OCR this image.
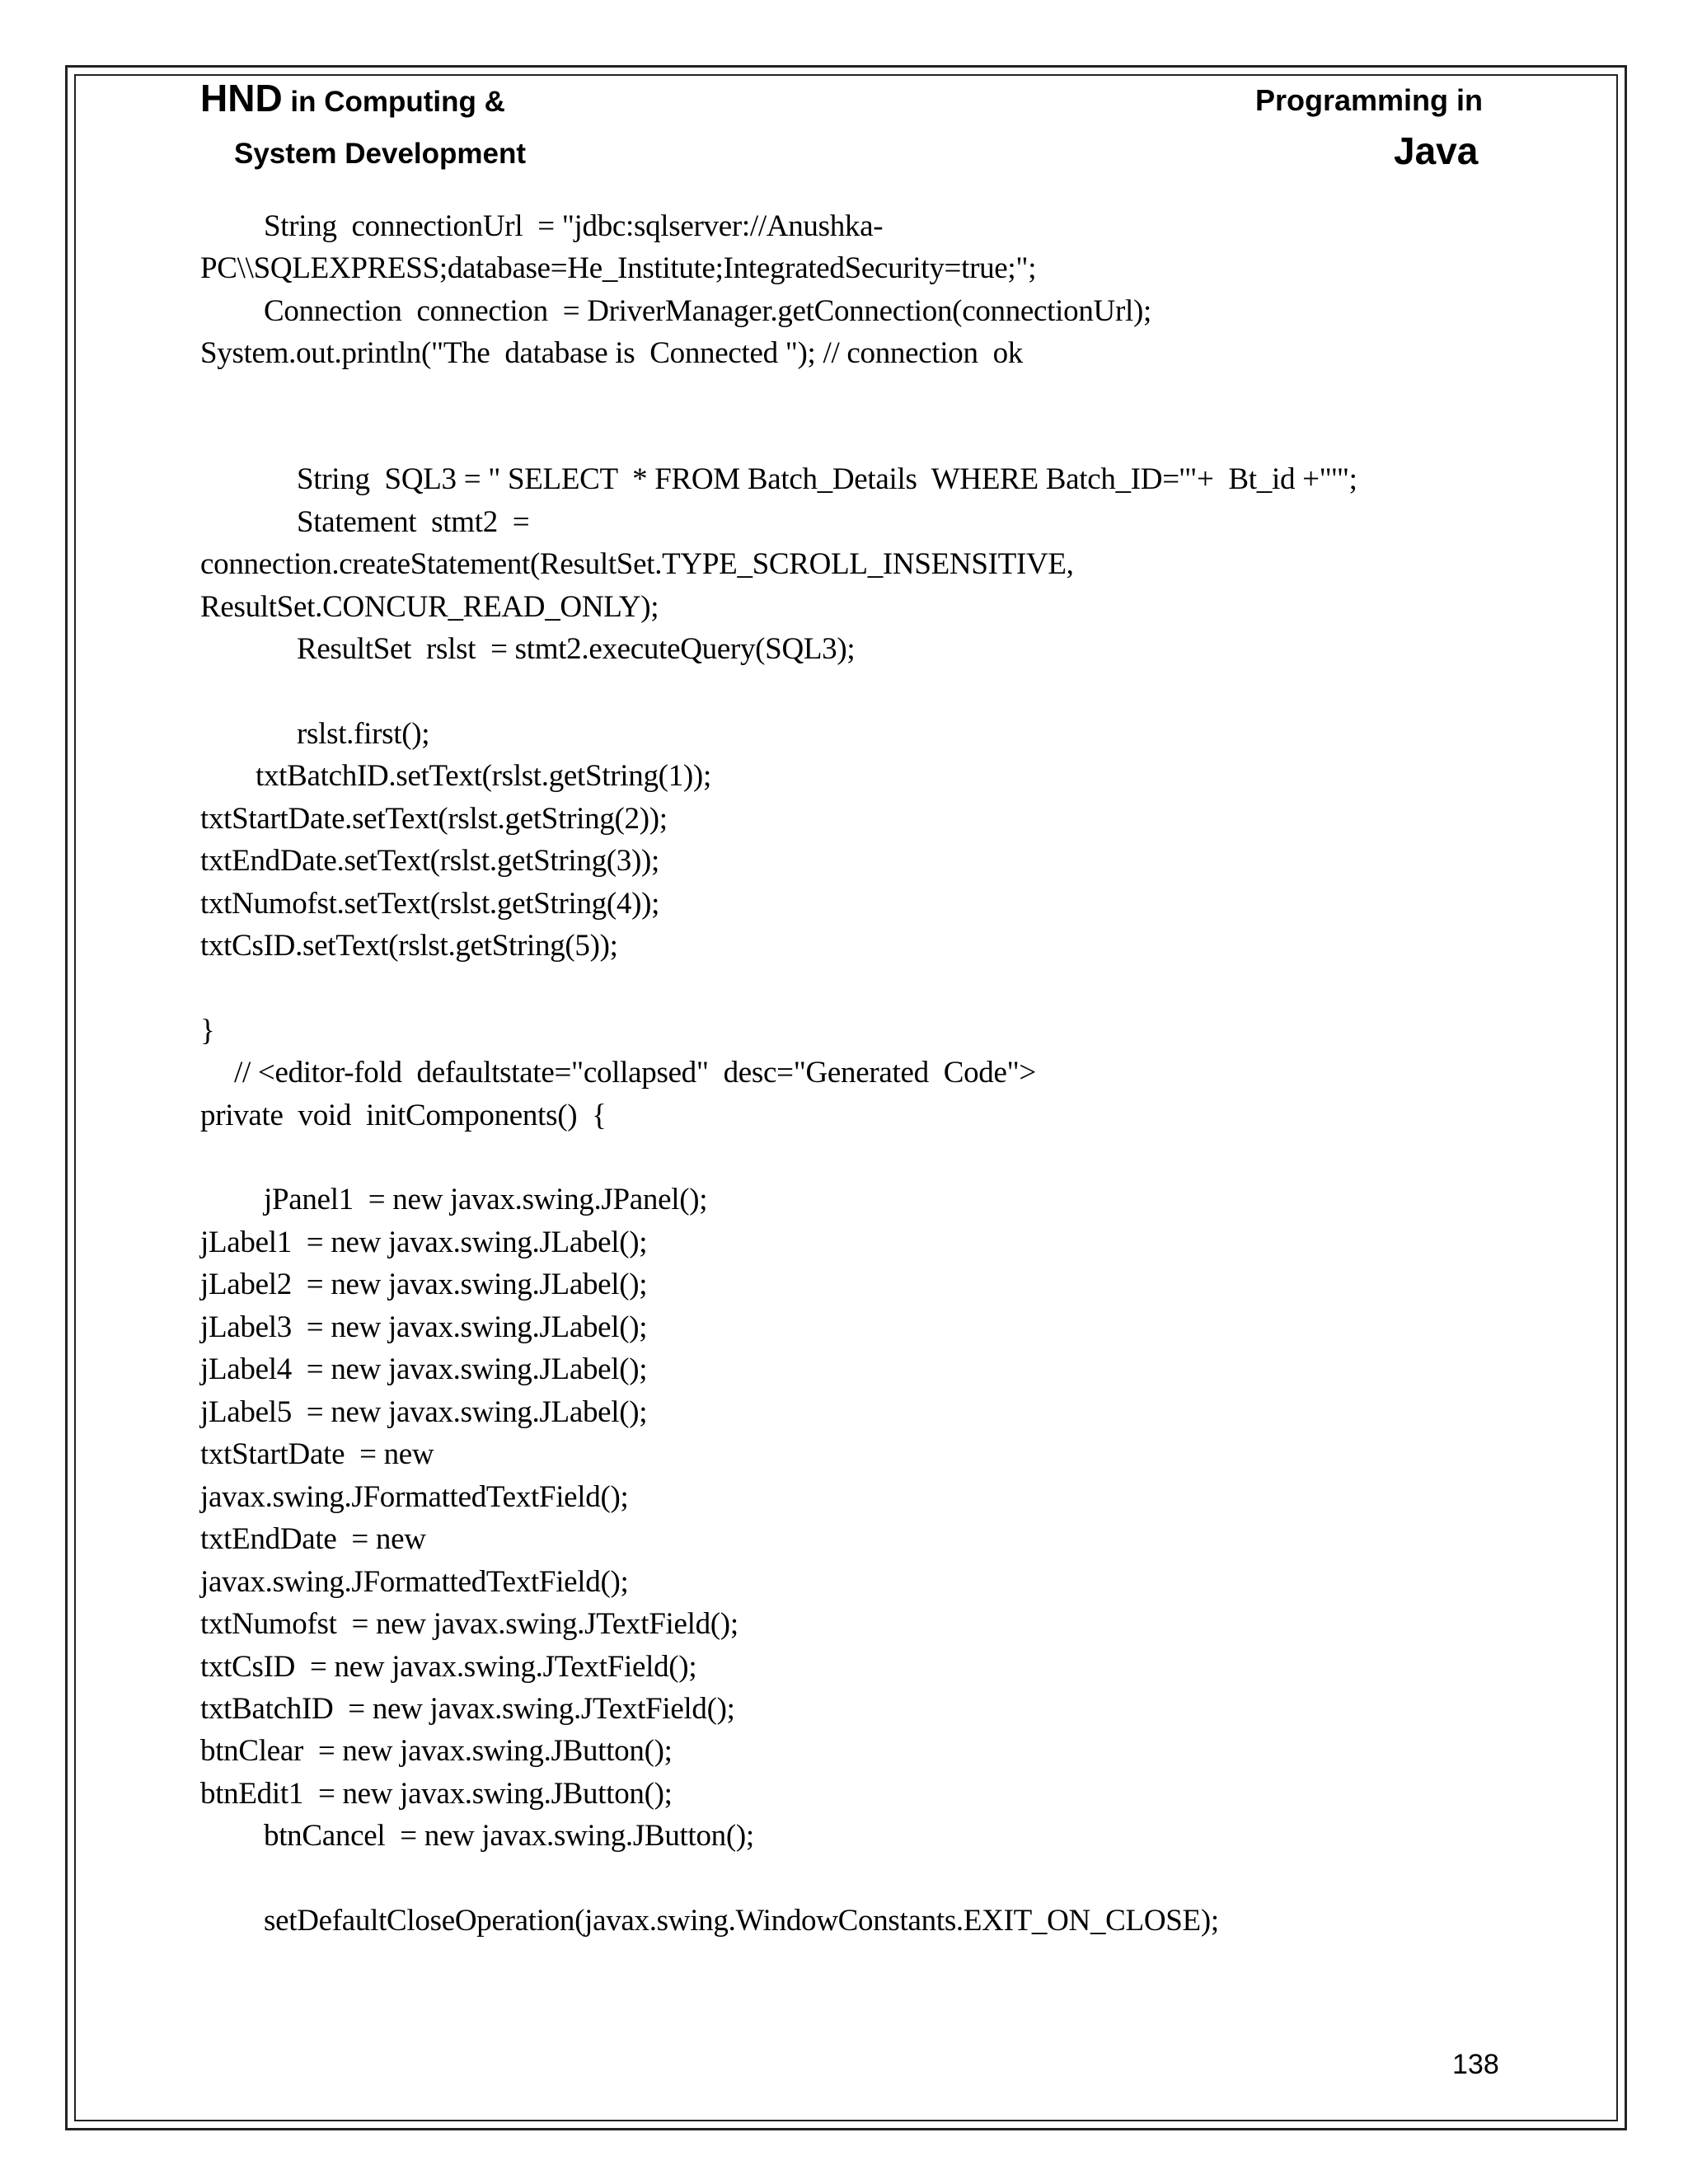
HND in Computing &
System Development
Programming in
Java
String  connectionUrl  = "jdbc:sqlserver://Anushka-
PC\\SQLEXPRESS;database=He_Institute;IntegratedSecurity=true;";
Connection  connection  = DriverManager.getConnection(connectionUrl);
System.out.println("The  database is  Connected "); // connection  ok
String  SQL3 = " SELECT  * FROM Batch_Details  WHERE Batch_ID='"+  Bt_id +"'";
Statement  stmt2  =
connection.createStatement(ResultSet.TYPE_SCROLL_INSENSITIVE,
ResultSet.CONCUR_READ_ONLY);
ResultSet  rslst  = stmt2.executeQuery(SQL3);
rslst.first();
txtBatchID.setText(rslst.getString(1));
txtStartDate.setText(rslst.getString(2));
txtEndDate.setText(rslst.getString(3));
txtNumofst.setText(rslst.getString(4));
txtCsID.setText(rslst.getString(5));
}
// <editor-fold  defaultstate="collapsed"  desc="Generated  Code">
private  void  initComponents()  {
jPanel1  = new javax.swing.JPanel();
jLabel1  = new javax.swing.JLabel();
jLabel2  = new javax.swing.JLabel();
jLabel3  = new javax.swing.JLabel();
jLabel4  = new javax.swing.JLabel();
jLabel5  = new javax.swing.JLabel();
txtStartDate  = new
javax.swing.JFormattedTextField();
txtEndDate  = new
javax.swing.JFormattedTextField();
txtNumofst  = new javax.swing.JTextField();
txtCsID  = new javax.swing.JTextField();
txtBatchID  = new javax.swing.JTextField();
btnClear  = new javax.swing.JButton();
btnEdit1  = new javax.swing.JButton();
btnCancel  = new javax.swing.JButton();
setDefaultCloseOperation(javax.swing.WindowConstants.EXIT_ON_CLOSE);
138
